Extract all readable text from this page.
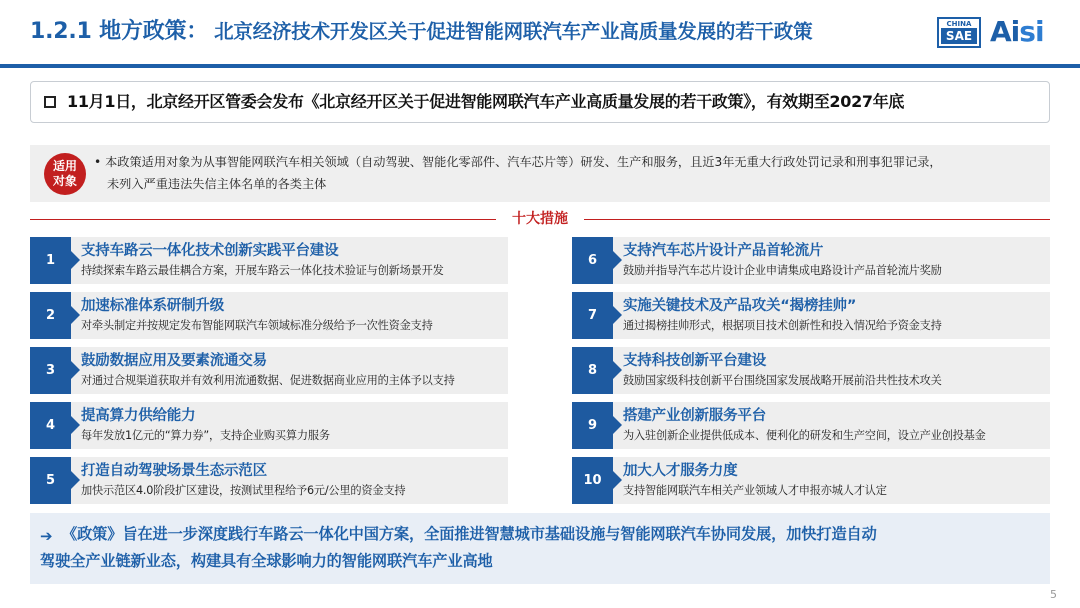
1.2.1 地方政策： 北京经济技术开发区关于促进智能网联汽车产业高质量发展的若干政策	CHINA
SAE Aisi
11月1日，北京经开区管委会发布《北京经开区关于促进智能网联汽车产业高质量发展的若干政策》，有效期至2027年底
适用
对象
• 本政策适用对象为从事智能网联汽车相关领域（自动驾驶、智能化零部件、汽车芯片等）研发、生产和服务，且近3年无重大行政处罚记录和刑事犯罪记录，
未列入严重违法失信主体名单的各类主体
十大措施
1
支持车路云一体化技术创新实践平台建设
持续探索车路云最佳耦合方案，开展车路云一体化技术验证与创新场景开发
2
加速标准体系研制升级
对牵头制定并按规定发布智能网联汽车领域标准分级给予一次性资金支持
3
鼓励数据应用及要素流通交易
对通过合规渠道获取并有效利用流通数据、促进数据商业应用的主体予以支持
4
提高算力供给能力
每年发放1亿元的“算力券”，支持企业购买算力服务
5
打造自动驾驶场景生态示范区
加快示范区4.0阶段扩区建设，按测试里程给予6元/公里的资金支持
6
支持汽车芯片设计产品首轮流片
鼓励并指导汽车芯片设计企业申请集成电路设计产品首轮流片奖励
7
实施关键技术及产品攻关“揭榜挂帅”
通过揭榜挂帅形式，根据项目技术创新性和投入情况给予资金支持
8
支持科技创新平台建设
鼓励国家级科技创新平台围绕国家发展战略开展前沿共性技术攻关
9
搭建产业创新服务平台
为入驻创新企业提供低成本、便利化的研发和生产空间，设立产业创投基金
10
加大人才服务力度
支持智能网联汽车相关产业领域人才申报亦城人才认定
➔ 《政策》旨在进一步深度践行车路云一体化中国方案，全面推进智慧城市基础设施与智能网联汽车协同发展，加快打造自动
驾驶全产业链新业态，构建具有全球影响力的智能网联汽车产业高地
5
